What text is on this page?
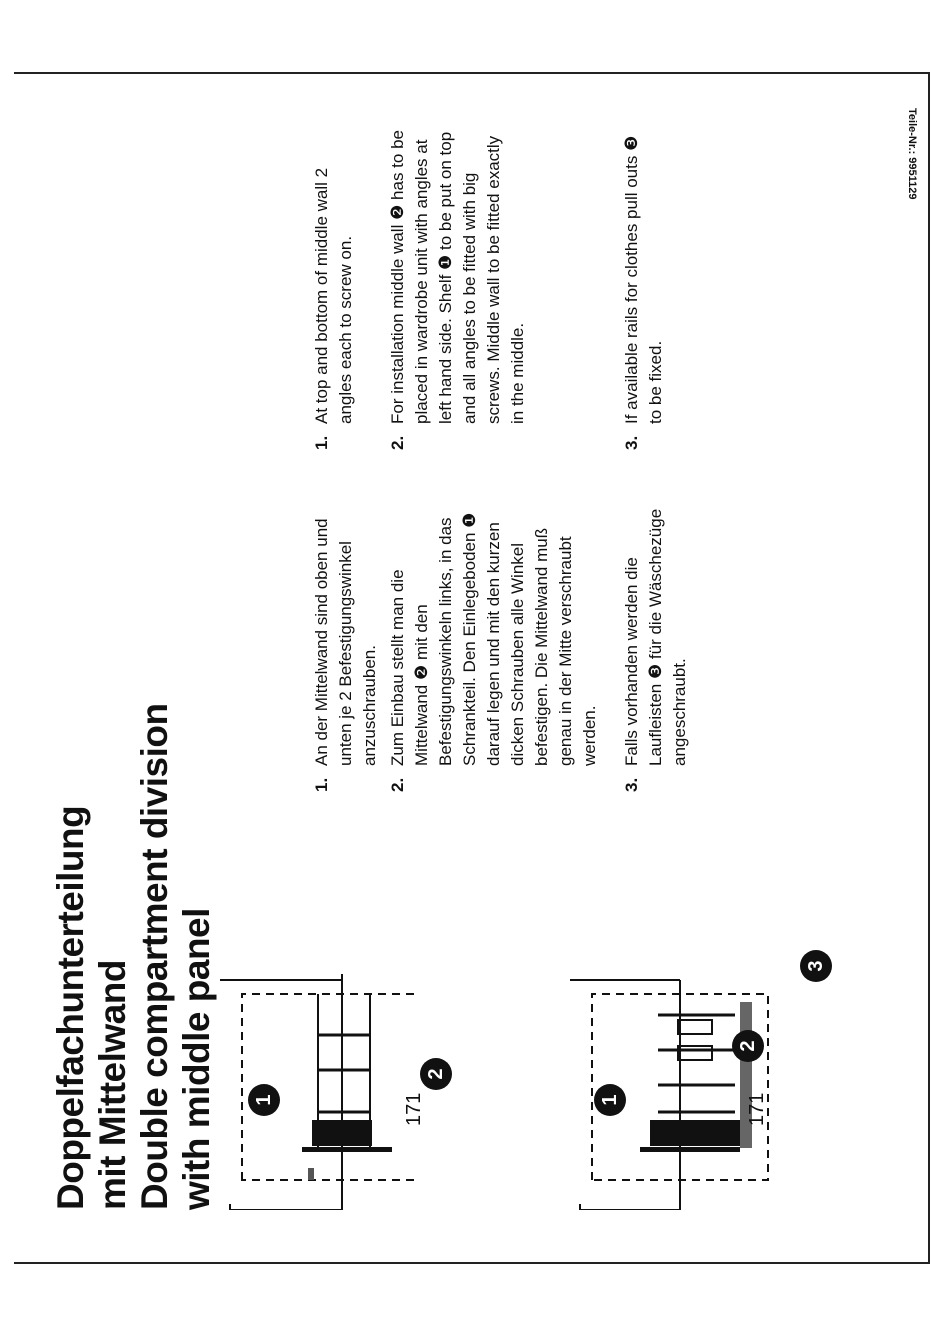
Doppelfachunterteilung mit Mittelwand Double compartment division with middle panel	171
1
2
171
1
2
3
1.
An der Mittelwand sind oben und unten je 2 Befestigungswinkel anzuschrauben.
2.
Zum Einbau stellt man die Mittelwand ❷ mit den Befestigungswinkeln links, in das Schrankteil. Den Einlegeboden ❶ darauf legen und mit den kurzen dicken Schrauben alle Winkel befestigen. Die Mittelwand muß genau in der Mitte verschraubt werden.
3.
Falls vorhanden werden die Laufleisten ❸ für die Wäschezüge angeschraubt.
1.
At top and bottom of middle wall 2 angles each to screw on.
2.
For installation middle wall ❷ has to be placed in wardrobe unit with angles at left hand side. Shelf ❶ to be put on top and all angles to be fitted with big screws. Middle wall to be fitted exactly in the middle.
3.
If available rails for clothes pull outs ❸ to be fixed.
Teile-Nr.: 9951129
